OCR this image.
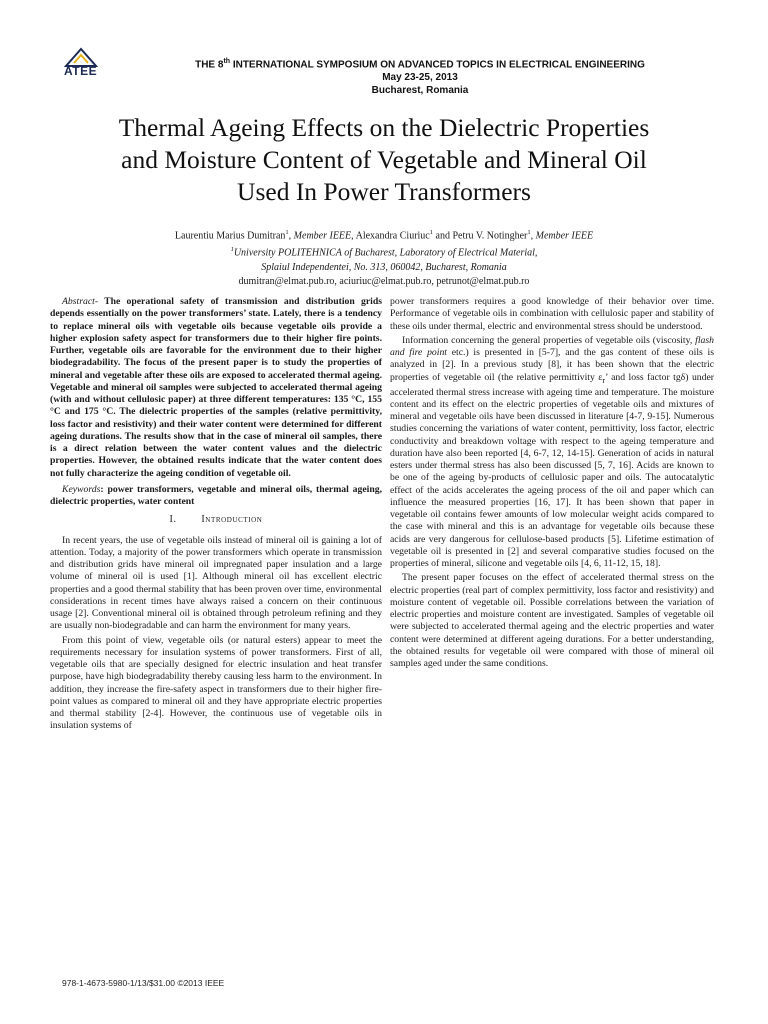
ATEE	THE 8th INTERNATIONAL SYMPOSIUM ON ADVANCED TOPICS IN ELECTRICAL ENGINEERING
May 23-25, 2013
Bucharest, Romania
Thermal Ageing Effects on the Dielectric Properties
and Moisture Content of Vegetable and Mineral Oil
Used In Power Transformers
Laurentiu Marius Dumitran$^1$, Member IEEE, Alexandra Ciuriuc$^1$ and Petru V. Notingher$^1$, Member IEEE
$^1$University POLITEHNICA of Bucharest, Laboratory of Electrical Material,
Splaiul Independentei, No. 313, 060042, Bucharest, Romania
dumitran@elmat.pub.ro, aciuriuc@elmat.pub.ro, petrunot@elmat.pub.ro

Abstract- The operational safety of transmission and distribution grids depends essentially on the power transformers’ state. Lately, there is a tendency to replace mineral oils with vegetable oils because vegetable oils provide a higher explosion safety aspect for transformers due to their higher fire points. Further, vegetable oils are favorable for the environment due to their higher biodegradability. The focus of the present paper is to study the properties of mineral and vegetable after these oils are exposed to accelerated thermal ageing. Vegetable and mineral oil samples were subjected to accelerated thermal ageing (with and without cellulosic paper) at three different temperatures: 135 °C, 155 °C and 175 °C. The dielectric properties of the samples (relative permittivity, loss factor and resistivity) and their water content were determined for different ageing durations. The results show that in the case of mineral oil samples, there is a direct relation between the water content values and the dielectric properties. However, the obtained results indicate that the water content does not fully characterize the ageing condition of vegetable oil.

Keywords: power transformers, vegetable and mineral oils, thermal ageing, dielectric properties, water content

I. Introduction

In recent years, the use of vegetable oils instead of mineral oil is gaining a lot of attention. Today, a majority of the power transformers which operate in transmission and distribution grids have mineral oil impregnated paper insulation and a large volume of mineral oil is used [1]. Although mineral oil has excellent electric properties and a good thermal stability that has been proven over time, environmental considerations in recent times have always raised a concern on their continuous usage [2]. Conventional mineral oil is obtained through petroleum refining and they are usually non-biodegradable and can harm the environment for many years.

From this point of view, vegetable oils (or natural esters) appear to meet the requirements necessary for insulation systems of power transformers. First of all, vegetable oils that are specially designed for electric insulation and heat transfer purpose, have high biodegradability thereby causing less harm to the environment. In addition, they increase the fire-safety aspect in transformers due to their higher fire-point values as compared to mineral oil and they have appropriate electric properties and thermal stability [2-4]. However, the continuous use of vegetable oils in insulation systems of

power transformers requires a good knowledge of their behavior over time. Performance of vegetable oils in combination with cellulosic paper and stability of these oils under thermal, electric and environmental stress should be understood.

Information concerning the general properties of vegetable oils (viscosity, flash and fire point etc.) is presented in [5-7], and the gas content of these oils is analyzed in [2]. In a previous study [8], it has been shown that the electric properties of vegetable oil (the relative permittivity $\varepsilon_r$’ and loss factor tgδ) under accelerated thermal stress increase with ageing time and temperature. The moisture content and its effect on the electric properties of vegetable oils and mixtures of mineral and vegetable oils have been discussed in literature [4-7, 9-15]. Numerous studies concerning the variations of water content, permittivity, loss factor, electric conductivity and breakdown voltage with respect to the ageing temperature and duration have also been reported [4, 6-7, 12, 14-15]. Generation of acids in natural esters under thermal stress has also been discussed [5, 7, 16]. Acids are known to be one of the ageing by-products of cellulosic paper and oils. The autocatalytic effect of the acids accelerates the ageing process of the oil and paper which can influence the measured properties [16, 17]. It has been shown that paper in vegetable oil contains fewer amounts of low molecular weight acids compared to the case with mineral and this is an advantage for vegetable oils because these acids are very dangerous for cellulose-based products [5]. Lifetime estimation of vegetable oil is presented in [2] and several comparative studies focused on the properties of mineral, silicone and vegetable oils [4, 6, 11-12, 15, 18].

The present paper focuses on the effect of accelerated thermal stress on the electric properties (real part of complex permittivity, loss factor and resistivity) and moisture content of vegetable oil. Possible correlations between the variation of electric properties and moisture content are investigated. Samples of vegetable oil were subjected to accelerated thermal ageing and the electric properties and water content were determined at different ageing durations. For a better understanding, the obtained results for vegetable oil were compared with those of mineral oil samples aged under the same conditions.

978-1-4673-5980-1/13/$31.00 ©2013 IEEE
